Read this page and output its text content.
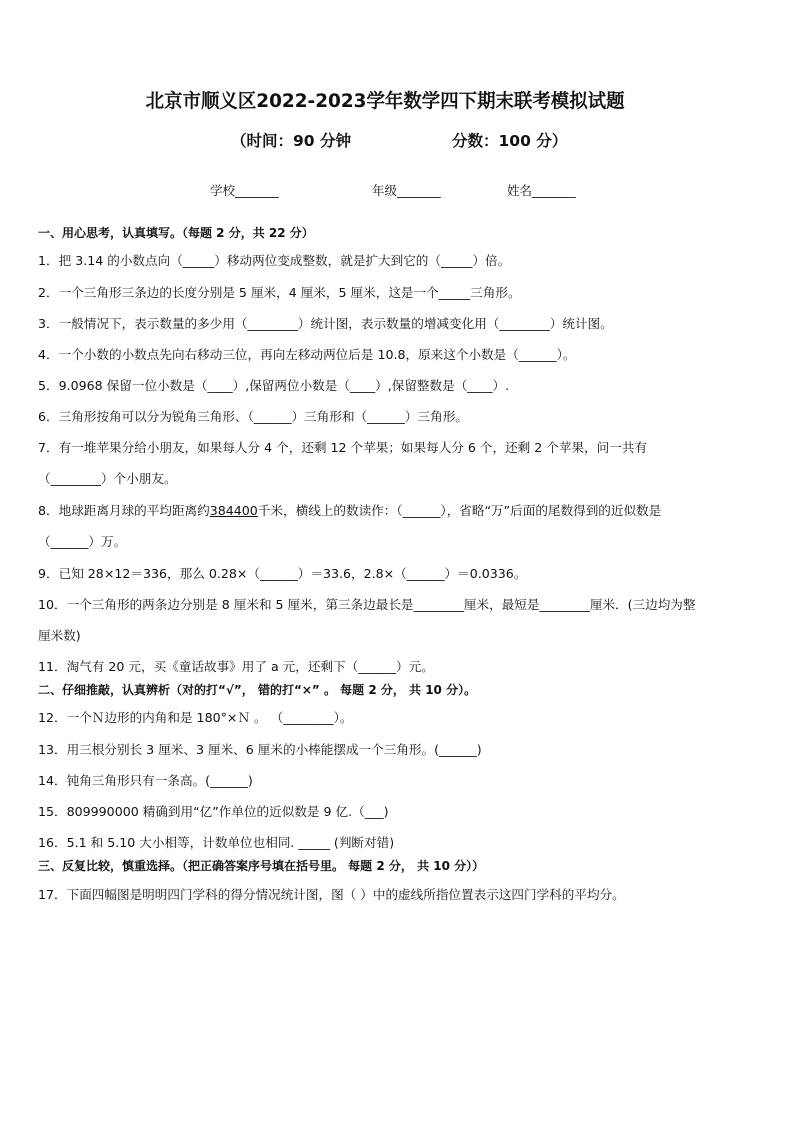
北京市顺义区2022-2023学年数学四下期末联考模拟试题
（时间：90 分钟	分数：100 分）
学校_______	年级_______	姓名_______
一、用心思考，认真填写。（每题 2 分，共 22 分）
1．把 3.14 的小数点向（_____）移动两位变成整数，就是扩大到它的（_____）倍。
2．一个三角形三条边的长度分别是 5 厘米，4 厘米，5 厘米，这是一个_____三角形。
3．一般情况下，表示数量的多少用（________）统计图，表示数量的增减变化用（________）统计图。
4．一个小数的小数点先向右移动三位，再向左移动两位后是 10.8，原来这个小数是（______）。
5．9.0968 保留一位小数是（____）,保留两位小数是（____）,保留整数是（____）.
6．三角形按角可以分为锐角三角形、（______）三角形和（______）三角形。
7．有一堆苹果分给小朋友，如果每人分 4 个，还剩 12 个苹果；如果每人分 6 个，还剩 2 个苹果，问一共有
（________）个小朋友。
8．地球距离月球的平均距离约384400千米，横线上的数读作：（______），省略“万”后面的尾数得到的近似数是
（______）万。
9．已知 28×12＝336，那么 0.28×（______）＝33.6，2.8×（______）＝0.0336。
10．一个三角形的两条边分别是 8 厘米和 5 厘米，第三条边最长是________厘米，最短是________厘米．(三边均为整
厘米数)
11．淘气有 20 元，买《童话故事》用了 a 元，还剩下（______）元。
二、仔细推敲，认真辨析（对的打“√”， 错的打“×” 。 每题 2 分， 共 10 分）。
12．一个Ｎ边形的内角和是 180°×Ｎ 。 （________）。
13．用三根分别长 3 厘米、3 厘米、6 厘米的小棒能摆成一个三角形。(______)
14．钝角三角形只有一条高。(______)
15．809990000 精确到用“亿”作单位的近似数是 9 亿.（___)
16．5.1 和 5.10 大小相等，计数单位也相同. _____ (判断对错)
三、反复比较，慎重选择。（把正确答案序号填在括号里。 每题 2 分， 共 10 分））
17．下面四幅图是明明四门学科的得分情况统计图，图（ ）中的虚线所指位置表示这四门学科的平均分。
